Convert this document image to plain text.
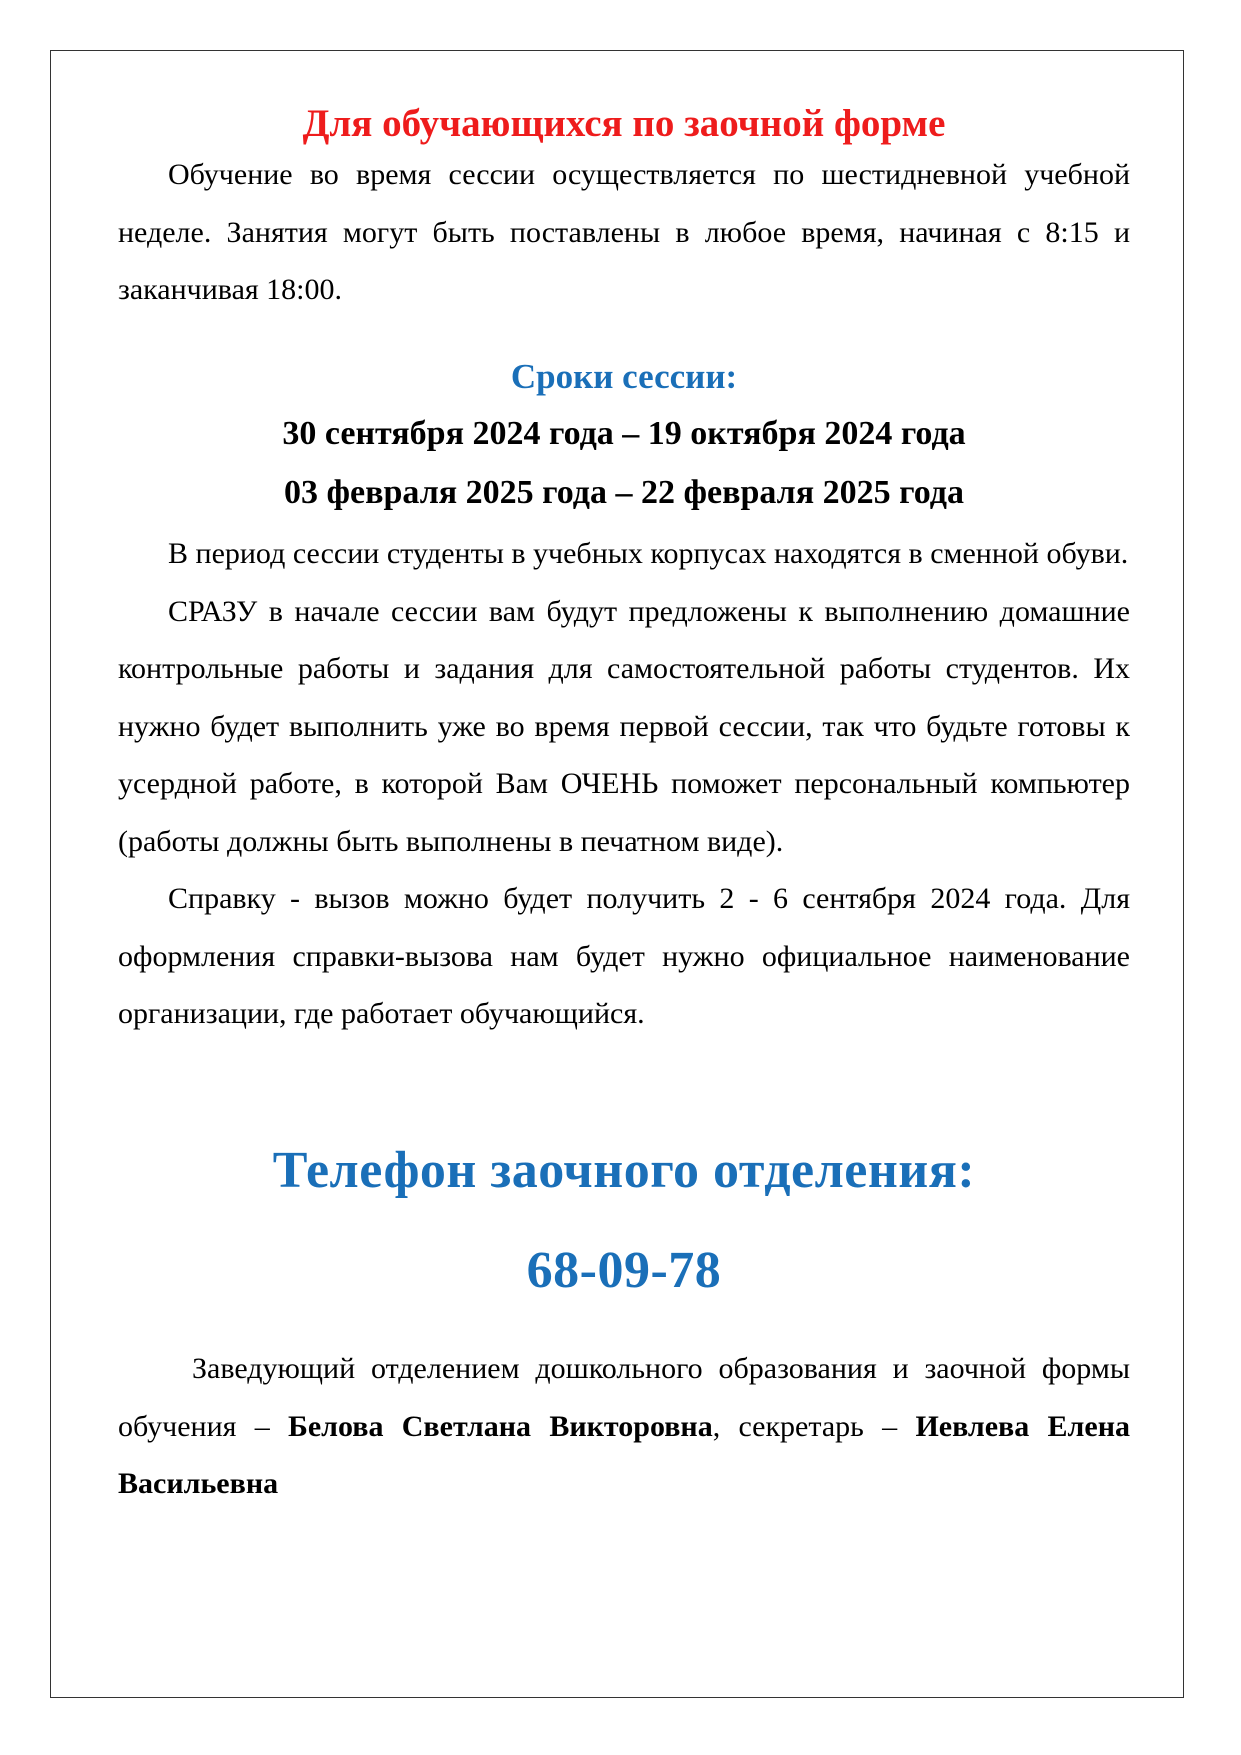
Для обучающихся по заочной форме

Обучение во время сессии осуществляется по шестидневной учебной неделе. Занятия могут быть поставлены в любое время, начиная с 8:15 и заканчивая 18:00.

Сроки сессии:
30 сентября 2024 года – 19 октября 2024 года
03 февраля 2025 года – 22 февраля 2025 года

В период сессии студенты в учебных корпусах находятся в сменной обуви.

СРАЗУ в начале сессии вам будут предложены к выполнению домашние контрольные работы и задания для самостоятельной работы студентов. Их нужно будет выполнить уже во время первой сессии, так что будьте готовы к усердной работе, в которой Вам ОЧЕНЬ поможет персональный компьютер (работы должны быть выполнены в печатном виде).

Справку - вызов можно будет получить 2 - 6 сентября 2024 года. Для оформления справки-вызова нам будет нужно официальное наименование организации, где работает обучающийся.

Телефон заочного отделения:
68-09-78

Заведующий отделением дошкольного образования и заочной формы обучения – Белова Светлана Викторовна, секретарь – Иевлева Елена Васильевна
